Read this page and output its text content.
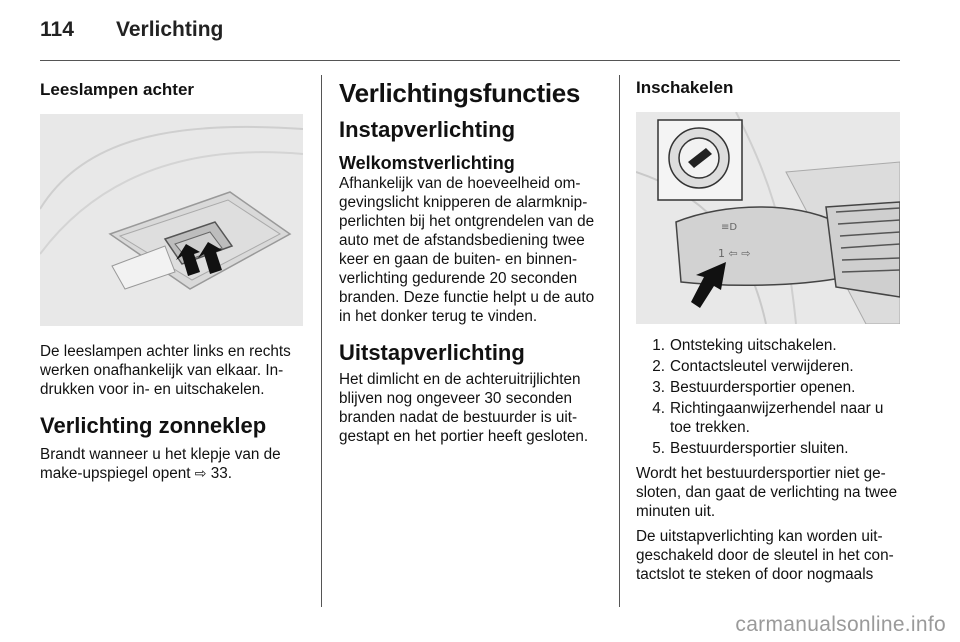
114 Verlichting
Leeslampen achter

De leeslampen achter links en rechts werken onafhankelijk van elkaar. In-drukken voor in- en uitschakelen.

Verlichting zonneklep

Brandt wanneer u het klepje van de make-upspiegel opent ⇨ 33.

Verlichtingsfuncties
Instapverlichting
Welkomstverlichting

Afhankelijk van de hoeveelheid om-gevingslicht knipperen de alarmknip-perlichten bij het ontgrendelen van de auto met de afstandsbediening twee keer en gaan de buiten- en binnen-verlichting gedurende 20 seconden branden. Deze functie helpt u de auto in het donker terug te vinden.

Uitstapverlichting

Het dimlicht en de achteruitrijlichten blijven nog ongeveer 30 seconden branden nadat de bestuurder is uit-gestapt en het portier heeft gesloten.

Inschakelen
≡D
1 ⇦ ⇨
1. Ontsteking uitschakelen.
2. Contactsleutel verwijderen.
3. Bestuurdersportier openen.
4. Richtingaanwijzerhendel naar u toe trekken.
5. Bestuurdersportier sluiten.

Wordt het bestuurdersportier niet ge-sloten, dan gaat de verlichting na twee minuten uit.

De uitstapverlichting kan worden uit-geschakeld door de sleutel in het con-tactslot te steken of door nogmaals

carmanualsonline.info
